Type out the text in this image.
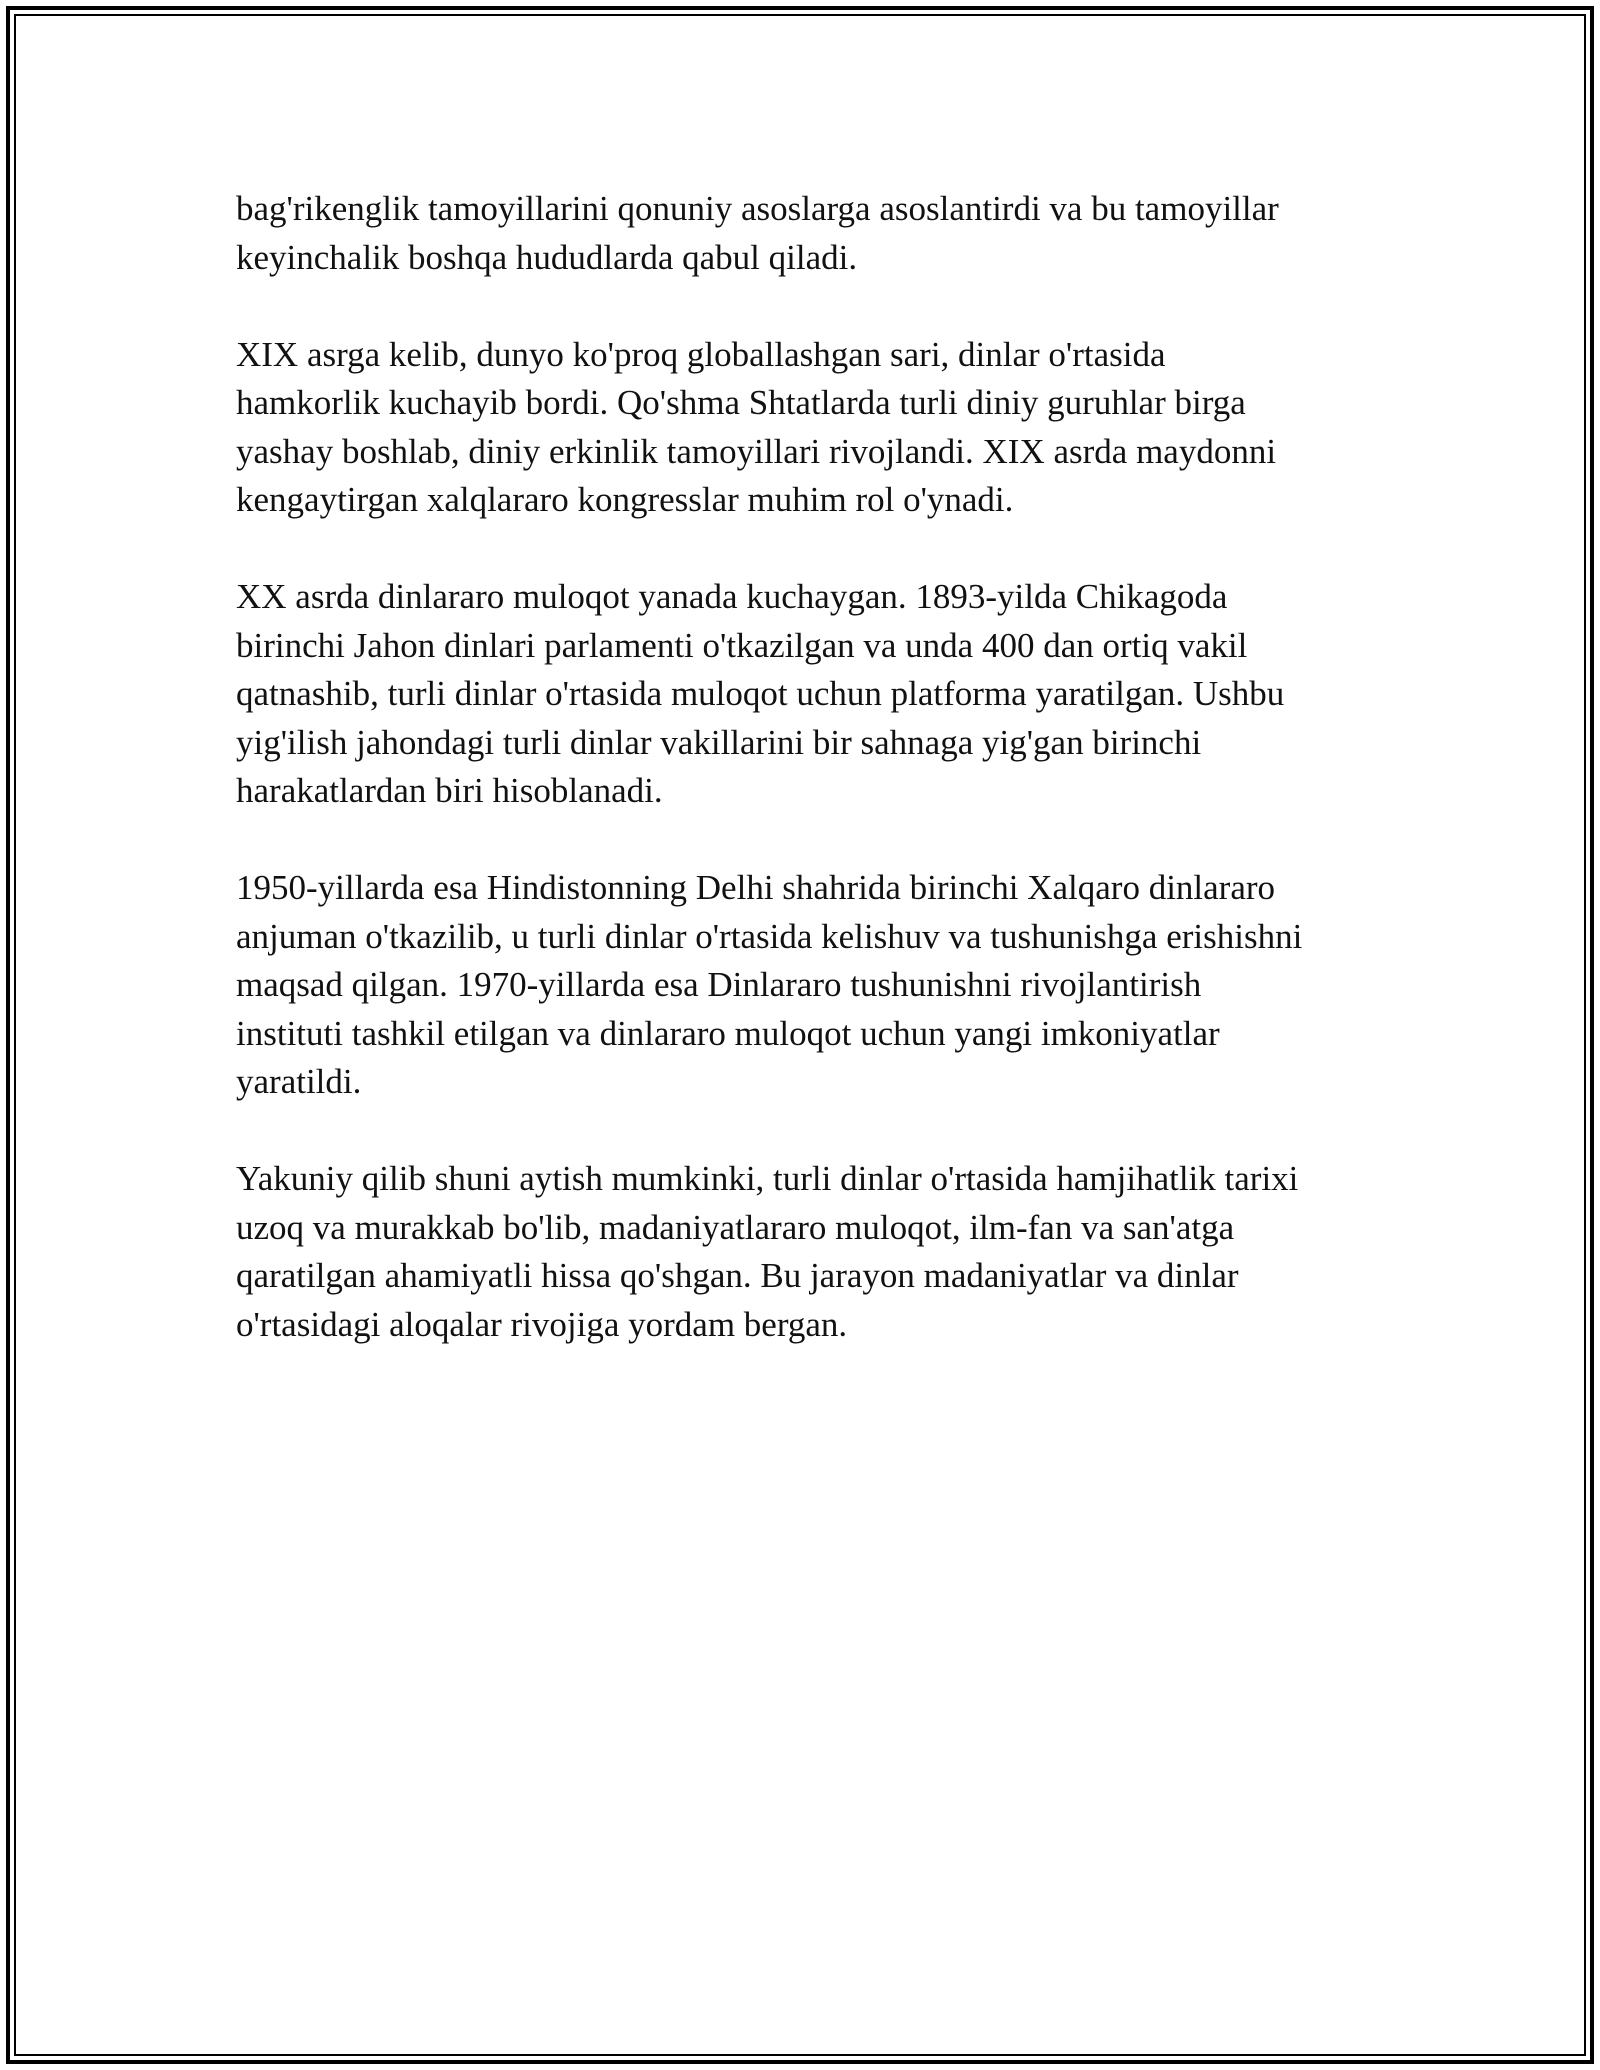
bag'rikenglik tamoyillarini qonuniy asoslarga asoslantirdi va bu tamoyillar
keyinchalik boshqa hududlarda qabul qiladi.

XIX asrga kelib, dunyo ko'proq globallashgan sari, dinlar o'rtasida
hamkorlik kuchayib bordi. Qo'shma Shtatlarda turli diniy guruhlar birga
yashay boshlab, diniy erkinlik tamoyillari rivojlandi. XIX asrda maydonni
kengaytirgan xalqlararo kongresslar muhim rol o'ynadi.

XX asrda dinlararo muloqot yanada kuchaygan. 1893-yilda Chikagoda
birinchi Jahon dinlari parlamenti o'tkazilgan va unda 400 dan ortiq vakil
qatnashib, turli dinlar o'rtasida muloqot uchun platforma yaratilgan. Ushbu
yig'ilish jahondagi turli dinlar vakillarini bir sahnaga yig'gan birinchi
harakatlardan biri hisoblanadi.

1950-yillarda esa Hindistonning Delhi shahrida birinchi Xalqaro dinlararo
anjuman o'tkazilib, u turli dinlar o'rtasida kelishuv va tushunishga erishishni
maqsad qilgan. 1970-yillarda esa Dinlararo tushunishni rivojlantirish
instituti tashkil etilgan va dinlararo muloqot uchun yangi imkoniyatlar
yaratildi.

Yakuniy qilib shuni aytish mumkinki, turli dinlar o'rtasida hamjihatlik tarixi
uzoq va murakkab bo'lib, madaniyatlararo muloqot, ilm-fan va san'atga
qaratilgan ahamiyatli hissa qo'shgan. Bu jarayon madaniyatlar va dinlar
o'rtasidagi aloqalar rivojiga yordam bergan.
